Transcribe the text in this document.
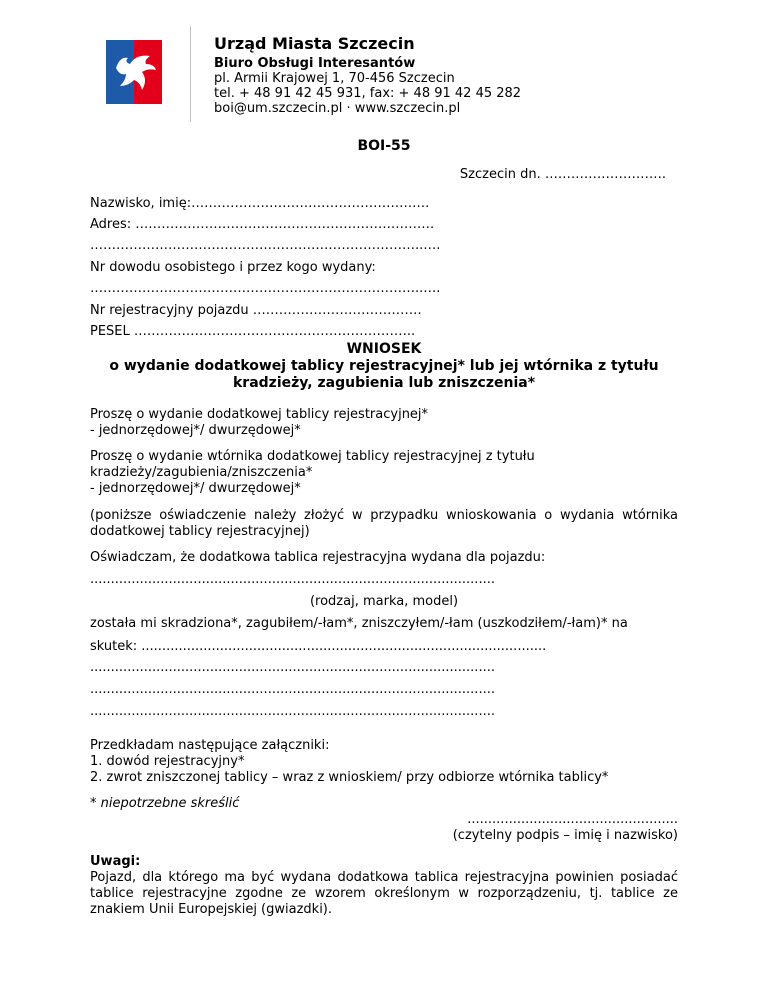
Urząd Miasta Szczecin
Biuro Obsługi Interesantów
pl. Armii Krajowej 1, 70-456 Szczecin
tel. + 48 91 42 45 931, fax: + 48 91 42 45 282
boi@um.szczecin.pl · www.szczecin.pl
BOI-55
Szczecin dn. ……………………….
Nazwisko, imię:……………………………………………….
Adres: ……………………………………………………………
…………………………………………………………………..….
Nr dowodu osobistego i przez kogo wydany:
…………………………………………………………………..….
Nr rejestracyjny pojazdu …………………………………
PESEL ………………………………………………………..
WNIOSEK
o wydanie dodatkowej tablicy rejestracyjnej* lub jej wtórnika z tytułu
kradzieży, zagubienia lub zniszczenia*
Proszę o wydanie dodatkowej tablicy rejestracyjnej*
- jednorzędowej*/ dwurzędowej*
Proszę o wydanie wtórnika dodatkowej tablicy rejestracyjnej z tytułu
kradzieży/zagubienia/zniszczenia*
- jednorzędowej*/ dwurzędowej*
(poniższe oświadczenie należy złożyć w przypadku wnioskowania o wydania wtórnika dodatkowej tablicy rejestracyjnej)
Oświadczam, że dodatkowa tablica rejestracyjna wydana dla pojazdu:
..................................................................................................
(rodzaj, marka, model)
została mi skradziona*, zagubiłem/-łam*, zniszczyłem/-łam (uszkodziłem/-łam)* na
skutek: ..................................................................................................
..................................................................................................
..................................................................................................
..................................................................................................
Przedkładam następujące załączniki:
1. dowód rejestracyjny*
2. zwrot zniszczonej tablicy – wraz z wnioskiem/ przy odbiorze wtórnika tablicy*
* niepotrzebne skreślić
...................................................
(czytelny podpis – imię i nazwisko)
Uwagi:
Pojazd, dla którego ma być wydana dodatkowa tablica rejestracyjna powinien posiadać tablice rejestracyjne zgodne ze wzorem określonym w rozporządzeniu, tj. tablice ze znakiem Unii Europejskiej (gwiazdki).
